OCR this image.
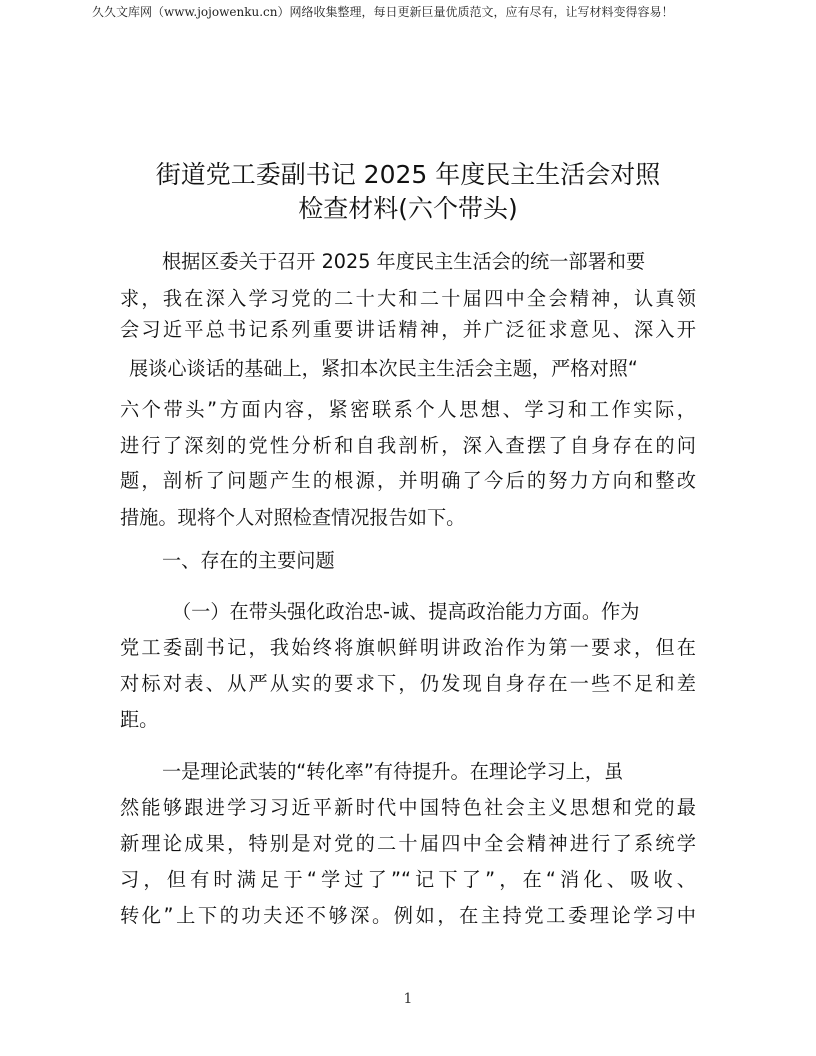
久久文库网（www.jojowenku.cn）网络收集整理，每日更新巨量优质范文，应有尽有，让写材料变得容易！
街道党工委副书记 2025 年度民主生活会对照
检查材料(六个带头)
根据区委关于召开 2025 年度民主生活会的统一部署和要
求，我在深入学习党的二十大和二十届四中全会精神，认真领
会习近平总书记系列重要讲话精神，并广泛征求意见、深入开
展谈心谈话的基础上，紧扣本次民主生活会主题，严格对照“
六个带头”方面内容，紧密联系个人思想、学习和工作实际，
进行了深刻的党性分析和自我剖析，深入查摆了自身存在的问
题，剖析了问题产生的根源，并明确了今后的努力方向和整改
措施。现将个人对照检查情况报告如下。
一、存在的主要问题
（一）在带头强化政治忠-诚、提高政治能力方面。作为
党工委副书记，我始终将旗帜鲜明讲政治作为第一要求，但在
对标对表、从严从实的要求下，仍发现自身存在一些不足和差
距。
一是理论武装的“转化率”有待提升。在理论学习上，虽
然能够跟进学习习近平新时代中国特色社会主义思想和党的最
新理论成果，特别是对党的二十届四中全会精神进行了系统学
习，但有时满足于“学过了”“记下了”，在“消化、吸收、
转化”上下的功夫还不够深。例如，在主持党工委理论学习中
1
